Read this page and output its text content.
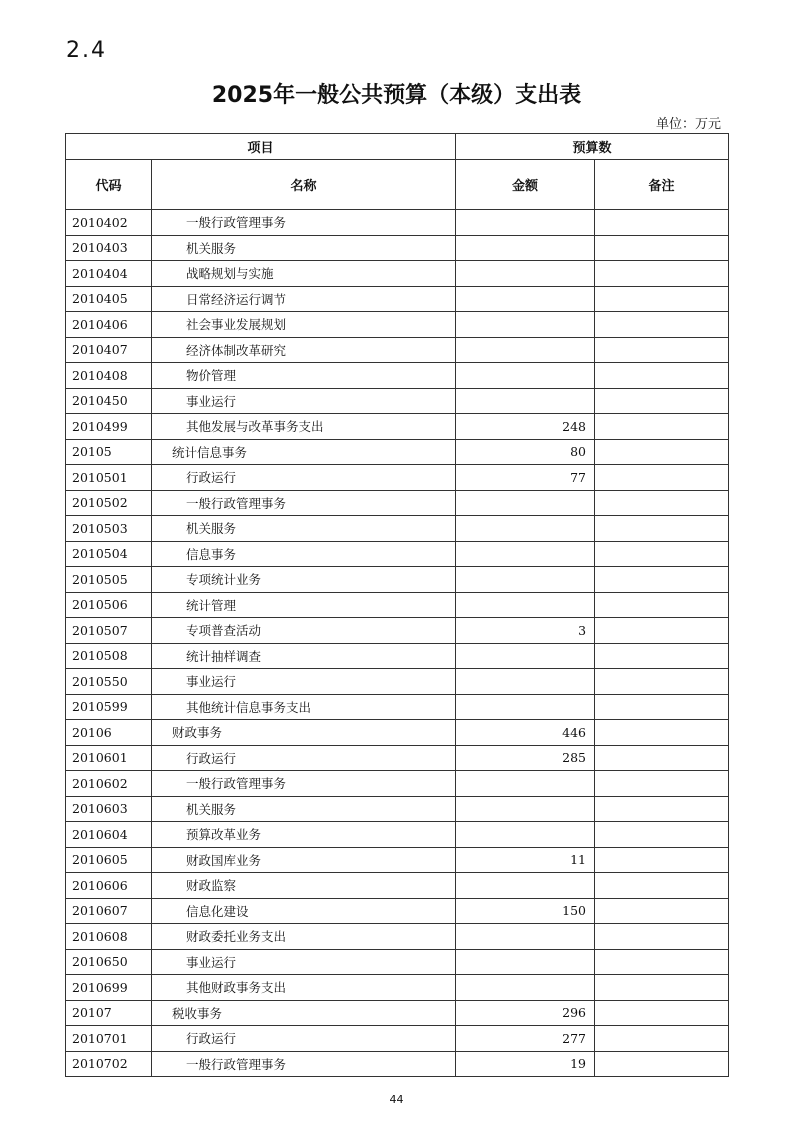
2.4
2025年一般公共预算（本级）支出表
单位：万元
项目		预算数	
代码	名称	金额	备注
2010402	一般行政管理事务		
2010403	机关服务		
2010404	战略规划与实施		
2010405	日常经济运行调节		
2010406	社会事业发展规划		
2010407	经济体制改革研究		
2010408	物价管理		
2010450	事业运行		
2010499	其他发展与改革事务支出	248	
20105	统计信息事务	80	
2010501	行政运行	77	
2010502	一般行政管理事务		
2010503	机关服务		
2010504	信息事务		
2010505	专项统计业务		
2010506	统计管理		
2010507	专项普查活动	3	
2010508	统计抽样调查		
2010550	事业运行		
2010599	其他统计信息事务支出		
20106	财政事务	446	
2010601	行政运行	285	
2010602	一般行政管理事务		
2010603	机关服务		
2010604	预算改革业务		
2010605	财政国库业务	11	
2010606	财政监察		
2010607	信息化建设	150	
2010608	财政委托业务支出		
2010650	事业运行		
2010699	其他财政事务支出		
20107	税收事务	296	
2010701	行政运行	277	
2010702	一般行政管理事务	19	
44
